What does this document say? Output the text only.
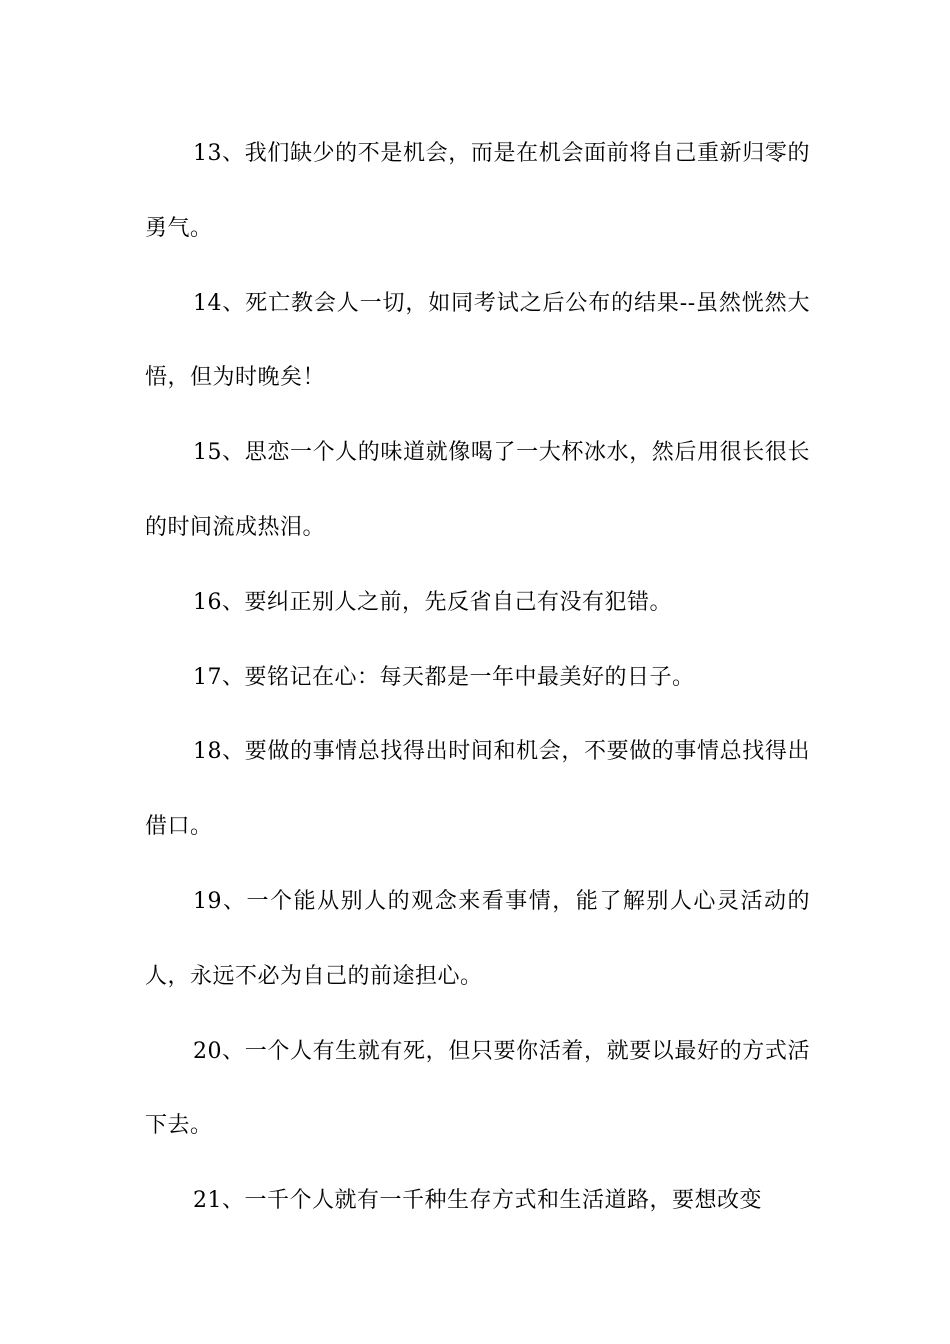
13、我们缺少的不是机会，而是在机会面前将自己重新归零的勇气。

14、死亡教会人一切，如同考试之后公布的结果--虽然恍然大悟，但为时晚矣！

15、思恋一个人的味道就像喝了一大杯冰水，然后用很长很长的时间流成热泪。

16、要纠正别人之前，先反省自己有没有犯错。

17、要铭记在心：每天都是一年中最美好的日子。

18、要做的事情总找得出时间和机会，不要做的事情总找得出借口。

19、一个能从别人的观念来看事情，能了解别人心灵活动的人，永远不必为自己的前途担心。

20、一个人有生就有死，但只要你活着，就要以最好的方式活下去。

21、一千个人就有一千种生存方式和生活道路，要想改变
